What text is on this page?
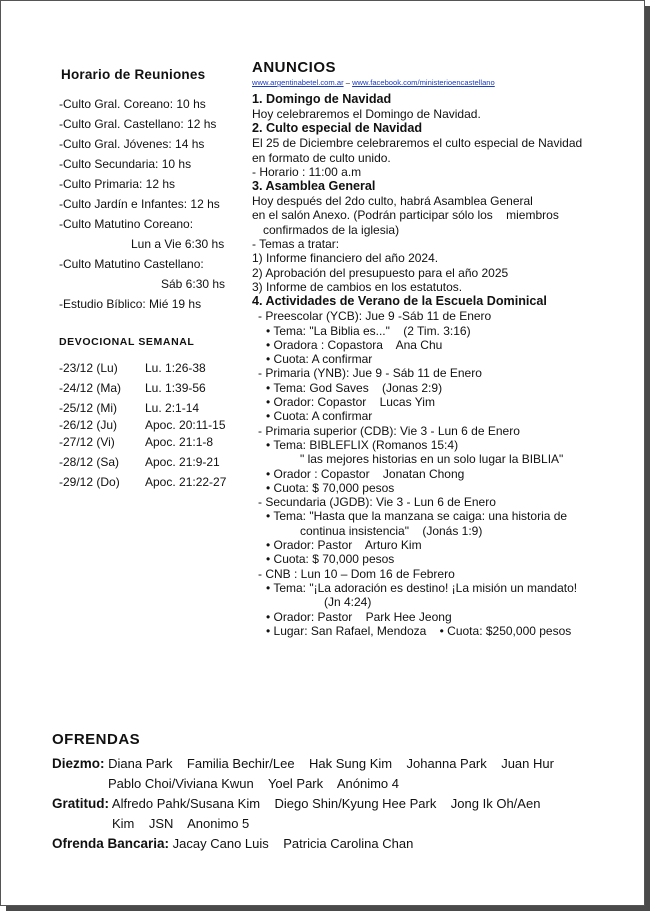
Horario de Reuniones
-Culto Gral. Coreano: 10 hs
-Culto Gral. Castellano: 12 hs
-Culto Gral. Jóvenes: 14 hs
-Culto Secundaria: 10 hs
-Culto Primaria: 12 hs
-Culto Jardín e Infantes: 12 hs
-Culto Matutino Coreano:
Lun a Vie 6:30 hs
-Culto Matutino Castellano:
Sáb 6:30 hs
-Estudio Bíblico: Mié 19 hs
DEVOCIONAL SEMANAL
-23/12 (Lu) Lu. 1:26-38
-24/12 (Ma) Lu. 1:39-56
-25/12 (Mi) Lu. 2:1-14
-26/12 (Ju) Apoc. 20:11-15
-27/12 (Vi)	Apoc. 21:1-8
-28/12 (Sa) Apoc. 21:9-21
-29/12 (Do) Apoc. 21:22-27
ANUNCIOS
www.argentinabetel.com.ar – www.facebook.com/ministerioencastellano
1. Domingo de Navidad
Hoy celebraremos el Domingo de Navidad.
2. Culto especial de Navidad
El 25 de Diciembre celebraremos el culto especial de Navidad
en formato de culto unido.
- Horario : 11:00 a.m
3. Asamblea General
Hoy después del 2do culto, habrá Asamblea General
en el salón Anexo. (Podrán participar sólo los    miembros
confirmados de la iglesia)
- Temas a tratar:
1) Informe financiero del año 2024.
2) Aprobación del presupuesto para el año 2025
3) Informe de cambios en los estatutos.
4. Actividades de Verano de la Escuela Dominical
- Preescolar (YCB): Jue 9 -Sáb 11 de Enero
• Tema: "La Biblia es..."    (2 Tim. 3:16)
• Oradora : Copastora    Ana Chu
• Cuota: A confirmar
- Primaria (YNB): Jue 9 - Sáb 11 de Enero
• Tema: God Saves    (Jonas 2:9)
• Orador: Copastor    Lucas Yim
• Cuota: A confirmar
- Primaria superior (CDB): Vie 3 - Lun 6 de Enero
• Tema: BIBLEFLIX (Romanos 15:4)
" las mejores historias en un solo lugar la BIBLIA"
• Orador : Copastor    Jonatan Chong
• Cuota: $ 70,000 pesos
- Secundaria (JGDB): Vie 3 - Lun 6 de Enero
• Tema: "Hasta que la manzana se caiga: una historia de
continua insistencia"    (Jonás 1:9)
• Orador: Pastor    Arturo Kim
• Cuota: $ 70,000 pesos
- CNB : Lun 10 – Dom 16 de Febrero
• Tema: "¡La adoración es destino! ¡La misión un mandato!
(Jn 4:24)
• Orador: Pastor    Park Hee Jeong
• Lugar: San Rafael, Mendoza    • Cuota: $250,000 pesos
OFRENDAS
Diezmo: Diana Park    Familia Bechir/Lee    Hak Sung Kim    Johanna Park    Juan Hur
Pablo Choi/Viviana Kwun    Yoel Park    Anónimo 4
Gratitud: Alfredo Pahk/Susana Kim    Diego Shin/Kyung Hee Park    Jong Ik Oh/Aen
Kim    JSN    Anonimo 5
Ofrenda Bancaria: Jacay Cano Luis    Patricia Carolina Chan
